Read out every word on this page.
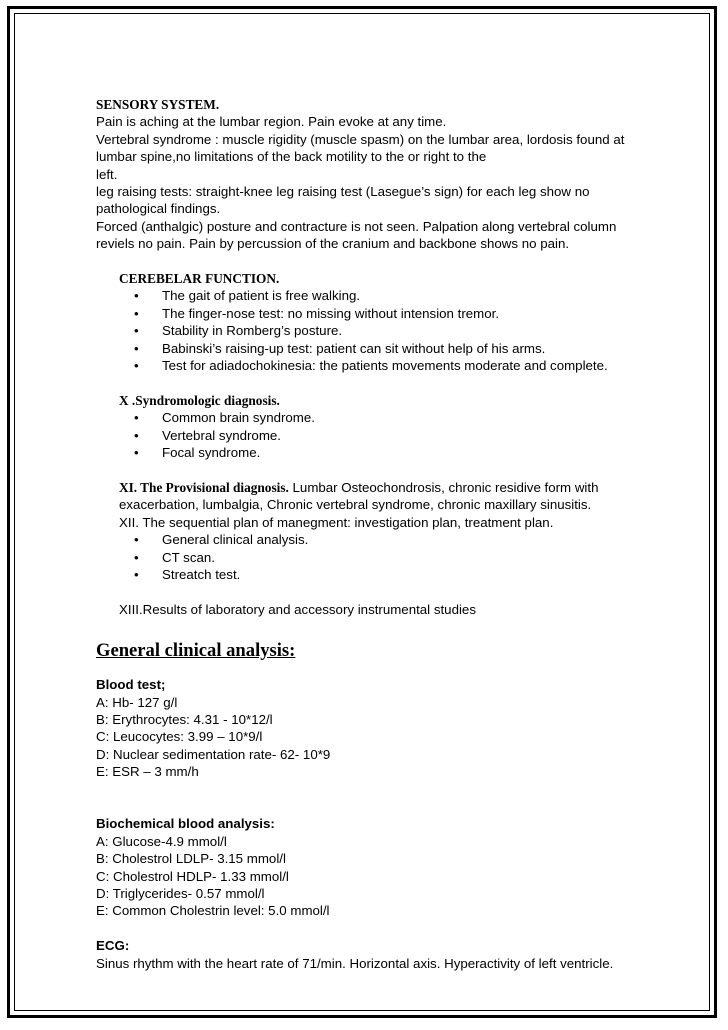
SENSORY SYSTEM.

Pain is aching at the lumbar region. Pain evoke at any time.

Vertebral syndrome : muscle rigidity (muscle spasm) on the lumbar area, lordosis found at

lumbar spine,no limitations of the back motility to the or right to the

left.

leg raising tests: straight-knee leg raising test (Lasegue’s sign) for each leg show no

pathological findings.

Forced (anthalgic) posture and contracture is not seen. Palpation along vertebral column

reviels no pain. Pain by percussion of the cranium and backbone shows no pain.

CEREBELAR FUNCTION.

• The gait of patient is free walking.
• The finger-nose test: no missing without intension tremor.
• Stability in Romberg’s posture.
• Babinski’s raising-up test: patient can sit without help of his arms.
• Test for adiadochokinesia: the patients movements moderate and complete.

X .Syndromologic diagnosis.

• Common brain syndrome.
• Vertebral syndrome.
• Focal syndrome.

XI. The Provisional diagnosis. Lumbar Osteochondrosis, chronic residive form with

exacerbation, lumbalgia, Chronic vertebral syndrome, chronic maxillary sinusitis.

XII. The sequential plan of manegment: investigation plan, treatment plan.

• General clinical analysis.
• CT scan.
• Streatch test.

XIII.Results of laboratory and accessory instrumental studies

General clinical analysis:

Blood test;

A: Hb- 127 g/l

B: Erythrocytes: 4.31 - 10*12/l

C: Leucocytes: 3.99 – 10*9/l

D: Nuclear sedimentation rate- 62- 10*9

E: ESR – 3 mm/h

Biochemical blood analysis:

A: Glucose-4.9 mmol/l

B: Cholestrol LDLP- 3.15 mmol/l

C: Cholestrol HDLP- 1.33 mmol/l

D: Triglycerides- 0.57 mmol/l

E: Common Cholestrin level: 5.0 mmol/l

ECG:

Sinus rhythm with the heart rate of 71/min. Horizontal axis. Hyperactivity of left ventricle.
